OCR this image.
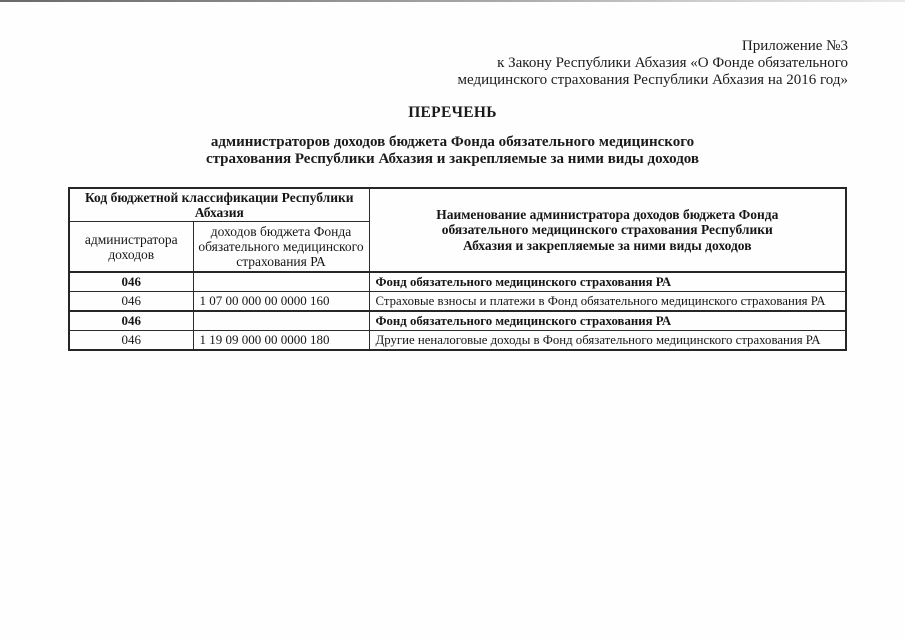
Приложение №3
к Закону Республики Абхазия «О Фонде обязательного
медицинского страхования Республики Абхазия на 2016 год»
ПЕРЕЧЕНЬ
администраторов доходов бюджета Фонда обязательного медицинского
страхования Республики Абхазия и закрепляемые за ними виды доходов
Код бюджетной классификации Республики Абхазия		Наименование администратора доходов бюджета Фонда обязательного медицинского страхования Республики Абхазия и закрепляемые за ними виды доходов
администратора доходов	доходов бюджета Фонда обязательного медицинского страхования РА	
046		Фонд обязательного медицинского страхования РА
046	1 07 00 000 00 0000 160	Страховые взносы и платежи в Фонд обязательного медицинского страхования РА
046		Фонд обязательного медицинского страхования РА
046	1 19 09 000 00 0000 180	Другие неналоговые доходы в Фонд обязательного медицинского страхования РА
